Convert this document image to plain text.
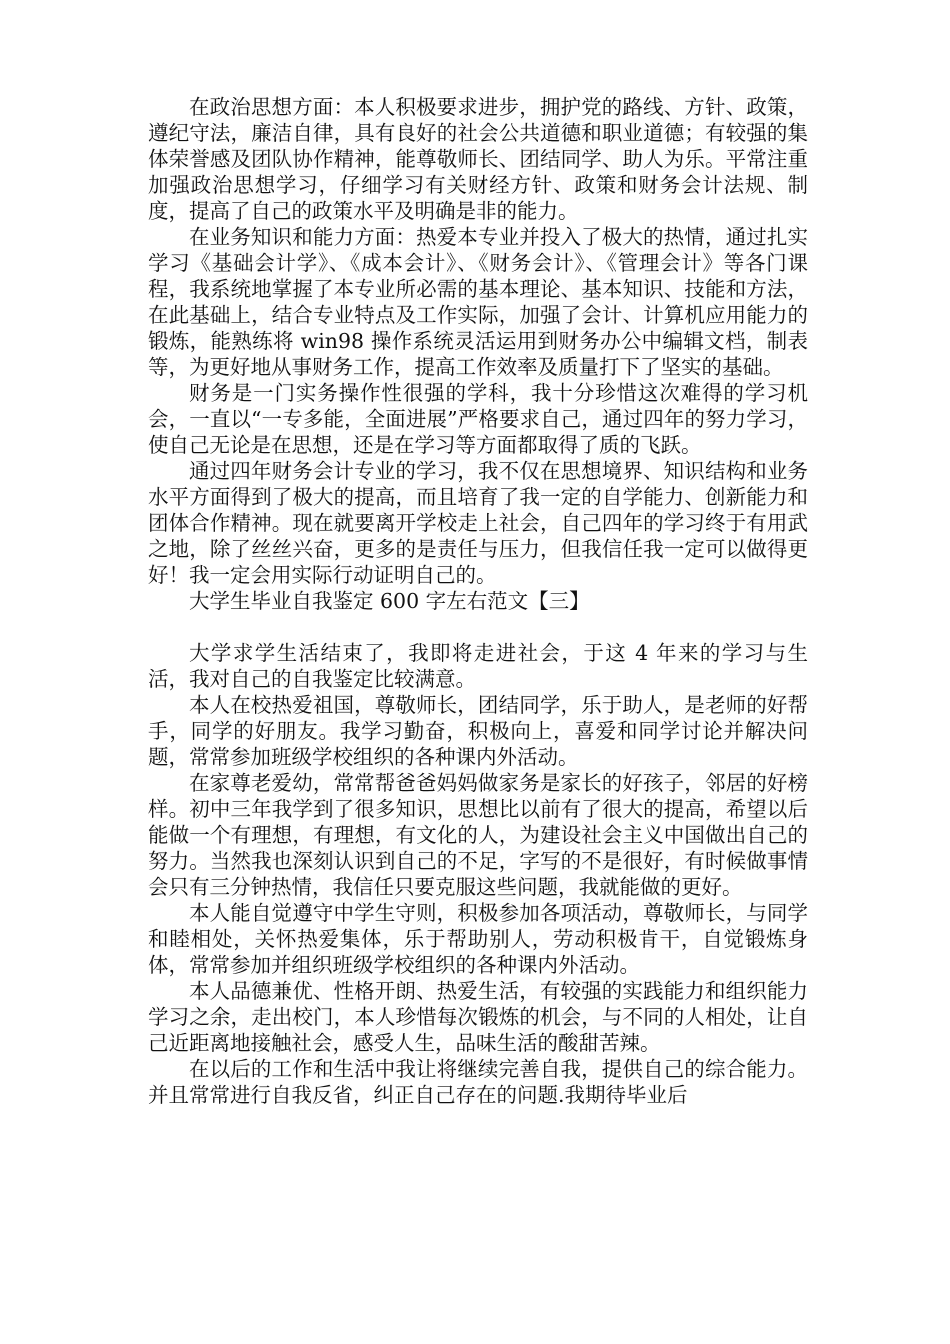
在政治思想方面：本人积极要求进步，拥护党的路线、方针、政策，遵纪守法，廉洁自律，具有良好的社会公共道德和职业道德；有较强的集体荣誉感及团队协作精神，能尊敬师长、团结同学、助人为乐。平常注重加强政治思想学习，仔细学习有关财经方针、政策和财务会计法规、制度，提高了自己的政策水平及明确是非的能力。

在业务知识和能力方面：热爱本专业并投入了极大的热情，通过扎实学习《基础会计学》、《成本会计》、《财务会计》、《管理会计》等各门课程，我系统地掌握了本专业所必需的基本理论、基本知识、技能和方法，在此基础上，结合专业特点及工作实际，加强了会计、计算机应用能力的锻炼，能熟练将 win98 操作系统灵活运用到财务办公中编辑文档，制表等，为更好地从事财务工作，提高工作效率及质量打下了坚实的基础。

财务是一门实务操作性很强的学科，我十分珍惜这次难得的学习机会，一直以“一专多能，全面进展”严格要求自己，通过四年的努力学习，使自己无论是在思想，还是在学习等方面都取得了质的飞跃。

通过四年财务会计专业的学习，我不仅在思想境界、知识结构和业务水平方面得到了极大的提高，而且培育了我一定的自学能力、创新能力和团体合作精神。现在就要离开学校走上社会，自己四年的学习终于有用武之地，除了丝丝兴奋，更多的是责任与压力，但我信任我一定可以做得更好！我一定会用实际行动证明自己的。

大学生毕业自我鉴定 600 字左右范文【三】

大学求学生活结束了，我即将走进社会，于这 4 年来的学习与生活，我对自己的自我鉴定比较满意。

本人在校热爱祖国，尊敬师长，团结同学，乐于助人，是老师的好帮手，同学的好朋友。我学习勤奋，积极向上，喜爱和同学讨论并解决问题，常常参加班级学校组织的各种课内外活动。

在家尊老爱幼，常常帮爸爸妈妈做家务是家长的好孩子，邻居的好榜样。初中三年我学到了很多知识，思想比以前有了很大的提高，希望以后能做一个有理想，有理想，有文化的人，为建设社会主义中国做出自己的努力。当然我也深刻认识到自己的不足，字写的不是很好，有时候做事情会只有三分钟热情，我信任只要克服这些问题，我就能做的更好。

本人能自觉遵守中学生守则，积极参加各项活动，尊敬师长，与同学和睦相处，关怀热爱集体，乐于帮助别人，劳动积极肯干，自觉锻炼身体，常常参加并组织班级学校组织的各种课内外活动。

本人品德兼优、性格开朗、热爱生活，有较强的实践能力和组织能力学习之余，走出校门，本人珍惜每次锻炼的机会，与不同的人相处，让自己近距离地接触社会，感受人生，品味生活的酸甜苦辣。

在以后的工作和生活中我让将继续完善自我，提供自己的综合能力。并且常常进行自我反省，纠正自己存在的问题.我期待毕业后
